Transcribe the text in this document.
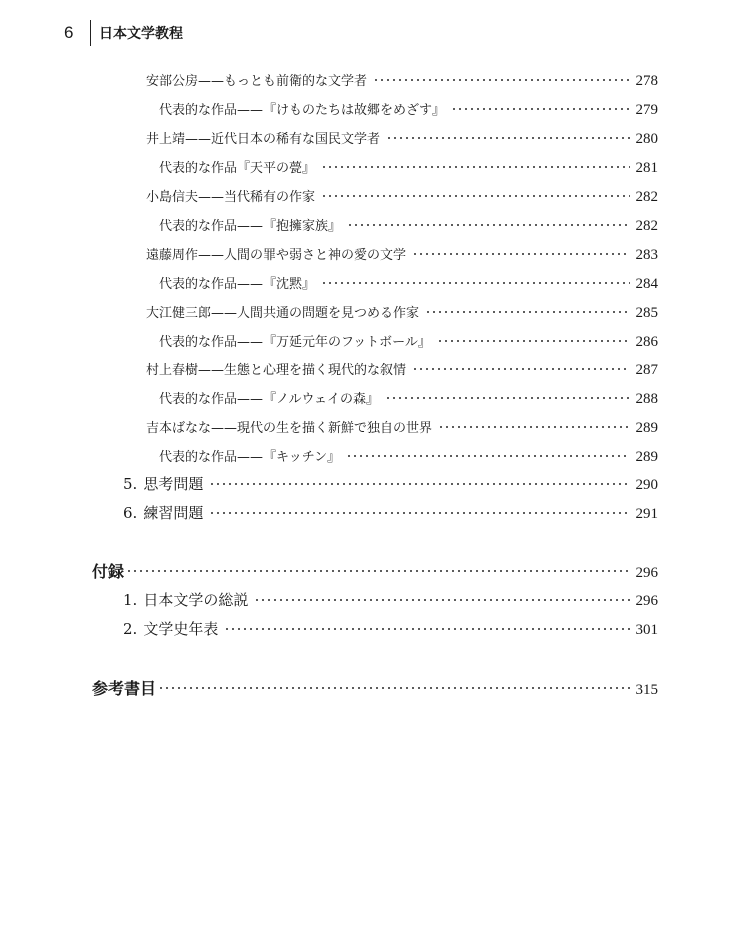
6	日本文学教程
安部公房——もっとも前衛的な文学者	278
代表的な作品——『けものたちは故郷をめざす』	279
井上靖——近代日本の稀有な国民文学者	280
代表的な作品『天平の甍』	281
小島信夫——当代稀有の作家	282
代表的な作品——『抱擁家族』	282
遠藤周作——人間の罪や弱さと神の愛の文学	283
代表的な作品——『沈黙』	284
大江健三郎——人間共通の問題を見つめる作家	285
代表的な作品——『万延元年のフットボール』	286
村上春樹——生態と心理を描く現代的な叙情	287
代表的な作品——『ノルウェイの森』	288
吉本ばなな——現代の生を描く新鮮で独自の世界	289
代表的な作品——『キッチン』	289
5. 思考問題	290
6. 練習問題	291
付録	296
1. 日本文学の総説	296
2. 文学史年表	301
参考書目	315
